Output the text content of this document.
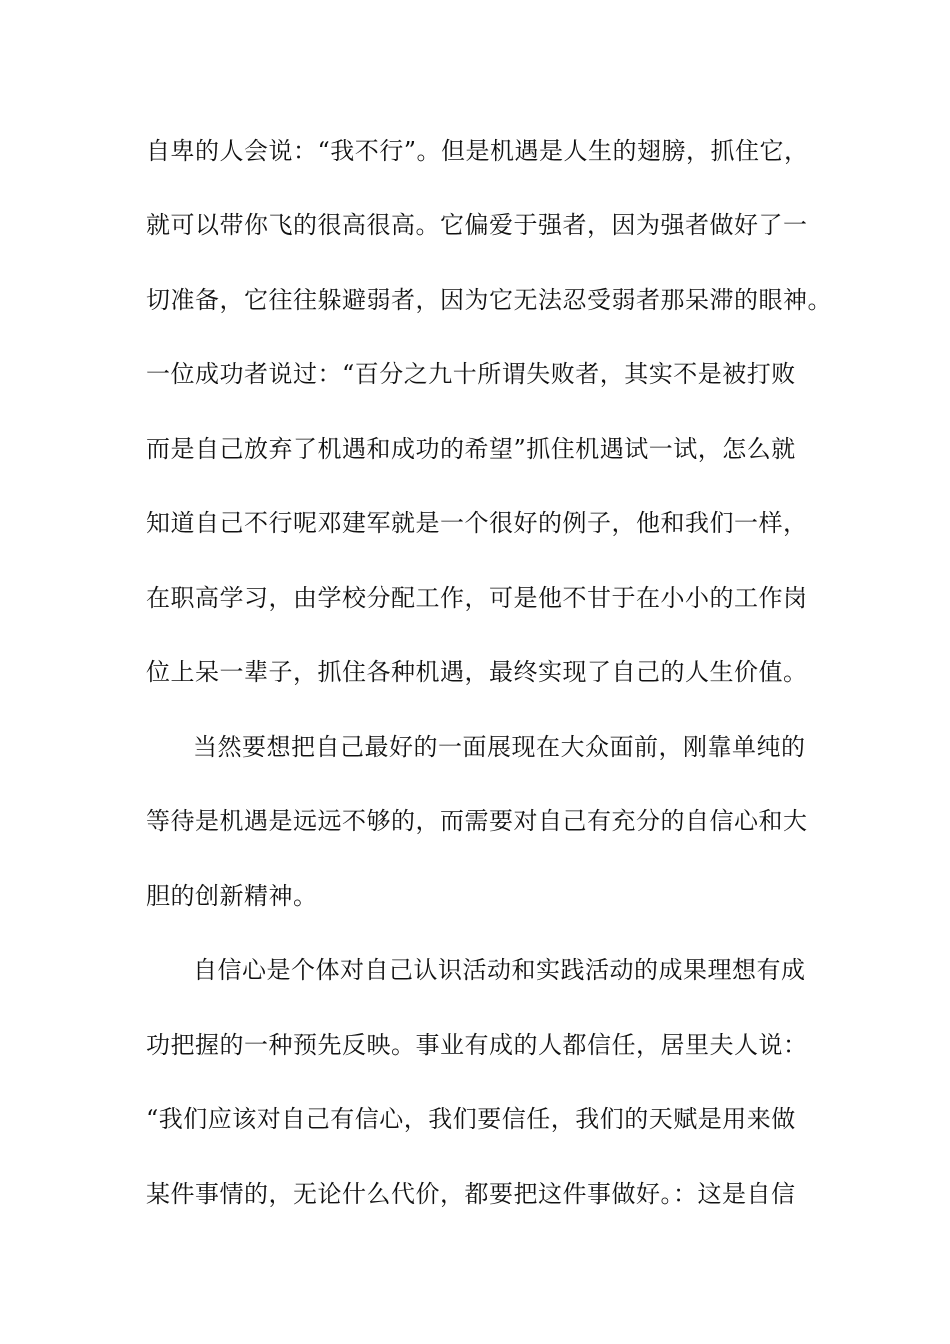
自卑的人会说：“我不行”。但是机遇是人生的翅膀，抓住它，
就可以带你飞的很高很高。它偏爱于强者，因为强者做好了一
切准备，它往往躲避弱者，因为它无法忍受弱者那呆滞的眼神。
一位成功者说过：“百分之九十所谓失败者，其实不是被打败
而是自己放弃了机遇和成功的希望”抓住机遇试一试，怎么就
知道自己不行呢邓建军就是一个很好的例子，他和我们一样，
在职高学习，由学校分配工作，可是他不甘于在小小的工作岗
位上呆一辈子，抓住各种机遇，最终实现了自己的人生价值。
当然要想把自己最好的一面展现在大众面前，刚靠单纯的
等待是机遇是远远不够的，而需要对自己有充分的自信心和大
胆的创新精神。
自信心是个体对自己认识活动和实践活动的成果理想有成
功把握的一种预先反映。事业有成的人都信任，居里夫人说：
“我们应该对自己有信心，我们要信任，我们的天赋是用来做
某件事情的，无论什么代价，都要把这件事做好。：这是自信
